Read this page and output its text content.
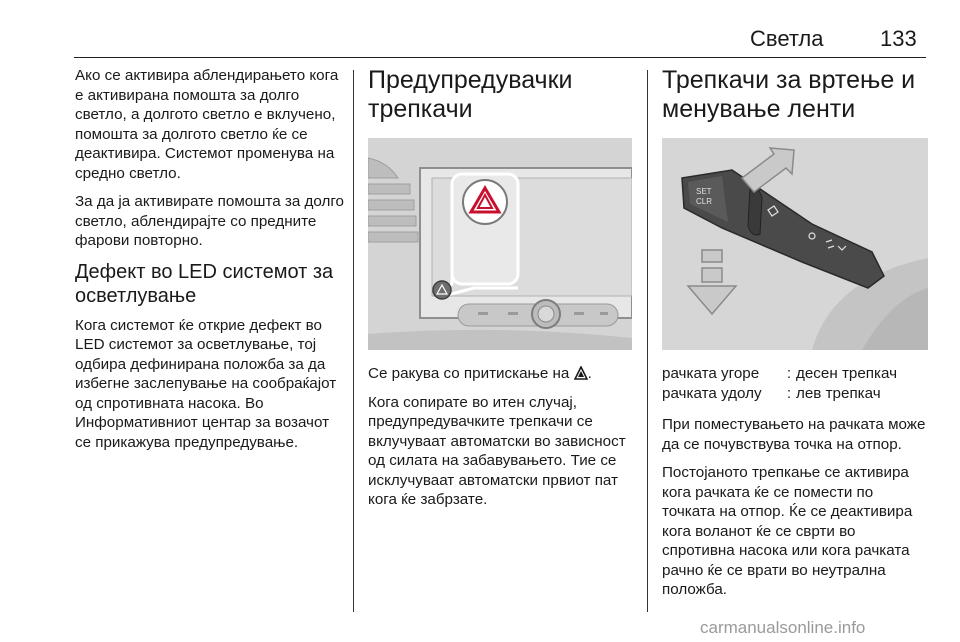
Светла	133

Ако се активира аблендирањето кога е активирана помошта за долго светло, а долгото светло е вклучено, помошта за долгото светло ќе се деактивира. Системот променува на средно светло.

За да ја активирате помошта за долго светло, аблендирајте со предните фарови повторно.

Дефект во LED системот за осветлување

Кога системот ќе открие дефект во LED системот за осветлување, тој одбира дефинирана положба за да избегне заслепување на сообраќајот од спротивната насока. Во Информативниот центар за возачот се прикажува предупредување.

Предупредувачки трепкачи

Се ракува со притискање на .

Кога сопирате во итен случај, предупредувачките трепкачи се вклучуваат автоматски во зависност од силата на забавувањето. Тие се исклучуваат автоматски првиот пат кога ќе забрзате.

Трепкачи за вртење и менување ленти
SET
CLR
рачката угоре	:	десен трепкач
рачката удолу	:	лев трепкач

При поместувањето на рачката може да се почувствува точка на отпор.

Постојаното трепкање се активира кога рачката ќе се помести по точката на отпор. Ќе се деактивира кога воланот ќе се сврти во спротивна насока или кога рачката рачно ќе се врати во неутрална положба.

carmanualsonline.info
